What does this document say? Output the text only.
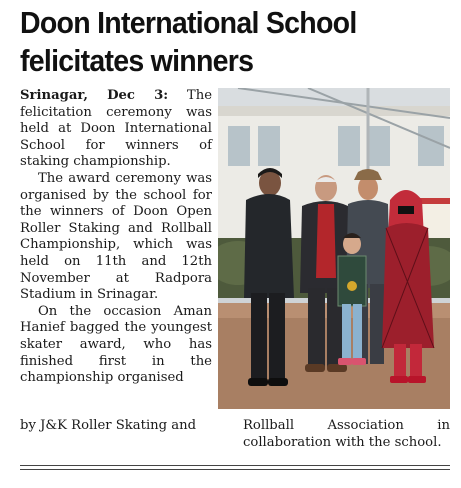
Doon International School
felicitates winners

Srinagar, Dec 3: The felicitation ceremony was held at Doon International School for winners of staking championship.

The award ceremony was organised by the school for the winners of Doon Open Roller Staking and Rollball Championship, which was held on 11th and 12th November at Radpora Stadium in Srinagar.

On the occasion Aman Hanief bagged the youngest skater award, who has finished first in the championship organised

by J&K Roller Skating and	Rollball Association in collaboration with the school.
